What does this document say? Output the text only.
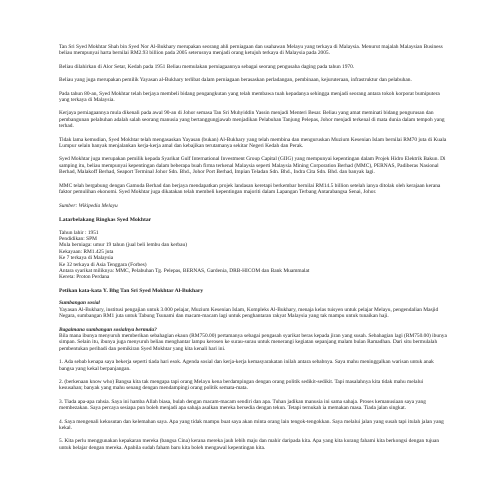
Tan Sri Syed Mokhtar Shah bin Syed Nor Al-Bukhary merupakan seorang ahli perniagaan dan usahawan Melayu yang terkaya di Malaysia. Menurut majalah Malaysian Business beliau mempunyai harta bernilai RM2.93 billion pada 2005 seterusnya menjadi orang ketujuh terkaya di Malaysia pada 2005.

Beliau dilahirkan di Alor Setar, Kedah pada 1951 Beliau memulakan perniagaannya sebagai seorang pengusaha daging pada tahun 1970.

Beliau yang juga merupakan pemilik Yayasan al-Bukhary terlibat dalam perniagaan berasaskan perladangan, pembinaan, kejuruteraan, infrastruktur dan pelabuhan.

Pada tahun 80-an, Syed Mokhtar telah berjaya membeli bidang pengangkutan yang telah membawa tuah kepadanya sehingga menjadi seorang antara tokoh korporat bumiputera yang terkaya di Malaysia.

Kerjaya perniagaannya mula dikenali pada awal 90-an di Johor semasa Tan Sri Muhyiddin Yassin menjadi Menteri Besar. Beliau yang amat meminati bidang pengurusan dan pembangunan pelabuhan adalah salah seorang manusia yang bertanggungjawab menjadikan Pelabuhan Tanjung Pelepas, Johor menjadi terkenal di mata dunia dalam tempoh yang terhad.

Tidak lama kemudian, Syed Mokhtar telah mengasaskan Yayasan (bukan) Al-Bukhary yang telah membina dan menguruskan Muzium Kesenian Islam bernilai RM70 juta di Kuala Lumpur selain banyak menjalankan kerja-kerja amal dan kebajikan terutamanya sekitar Negeri Kedah dan Perak.

Syed Mokhtar juga merupakan pemilik kepada Syarikat Gulf International Investment Group Capital (GIIG) yang mempunyai kepentingan dalam Projek Hidro Elektrik Bakun. Di samping itu, beliau mempunyai kepentingan dalam beberapa buah firma terkenal Malaysia seperti Malaysia Mining Corporation Berhad (MMC), PERNAS, Padiberas Nasional Berhad, Malakoff Berhad, Seaport Terminal Johor Sdn. Bhd., Johor Port Berhad, Impian Teladan Sdn. Bhd., Indra Cita Sdn. Bhd. dan banyak lagi.

MMC telah bergabung dengan Gamuda Berhad dan berjaya mendapatkan projek landasan keretapi berkembar bernilai RM14.5 billion setelah ianya ditolak oleh kerajaan kerana faktor pemulihan ekonomi. Syed Mokhtar juga dikatakan telah membeli kepentingan majoriti dalam Lapangan Terbang Antarabangsa Senai, Johor.

Sumber: Wikipedia Melayu

Latarbelakang Ringkas Syed Mokhtar

Tahun lahir : 1951

Pendidikan: SPM

Mula berniaga: umur 19 tahun (jual beli lembu dan kerbau)

Kekayaan: RM1.425 juta

Ke 7 terkaya di Malaysia

Ke 32 terkaya di Asia Tenggara (Forbes)

Antara syarikat miliknya: MMC, Pelabuhan Tg. Pelepas, BERNAS, Gardenia, DRB-HICOM dan Bank Muammalat

Kereta: Proton Perdana

Petikan kata-kata Y. Bhg Tan Sri Syed Mokhtar Al-Bukhary

Sumbangan sosial

Yayasan Al-Bukhary, institusi pengajian untuk 3.000 pelajar, Muzium Kesenian Islam, Kompleks Al-Bukhary, menaja kelas tuisyen untuk pelajar Melayu, pengendalian Masjid Negara, sumbangan RM1 juta untuk Tabung Tsunami dan macam-macam lagi untuk penghantaran rakyat Malaysia yang tak mampu untuk tunaikan haji.

Bagaimana sumbangan sosialnya bermula?

Bila mana ibunya menyuruh memberikan sebahagian ekaun (RM750.00) pertamanya sebagai pengasah syarikat beras kepada jiran yang susah. Sebahagian lagi (RM750.00) ibunya simpan. Selain itu, ibunya juga menyuruh beliau menghantar lampu kerosen ke surau-surau untuk menerangi kegiatan sepanjang malam bulan Ramadhan. Dari situ bermulalah pembentukan peribadi dan pemikiran Syed Mokhtar yang kita kenali hari ini.

1. Ada sebab kenapa saya bekerja seperti tiada hari esok. Agenda sosial dan kerja-kerja kemasyarakatan inilah antara sebabnya. Saya mahu meninggalkan warisan untuk anak bangsa yang kekal berpanjangan.

2. (berkenaan know who) Bangsa kita tak mengapa tapi orang Melayu kena berdampingan dengan orang politik sedikit-sedikit. Tapi masalahnya kita tidak mahu melalui kesusahan; banyak yang mahu senang dengan mendampingi orang politik semata-mata.

3. Tiada apa-apa rahsia. Saya ini hamba Allah biasa, bulah dengan macam-macam sendiri dan apa. Tuhan jadikan manusia ini sama sahaja. Proses kemanusiaan saya yang membezakan. Saya percaya sesiapa pun boleh menjadi apa sahaja asalkan mereka bersedia dengan tekun. Tetapi ternukah ia memakan masa. Tiada jalan singkat.

4. Saya mengenali kekusutan dan kelemahan saya. Apa yang tidak mampu buat saya akan minta orang lain tengok-tengokkan. Saya melalui jalan yang susah tapi itulah jalan yang kekal.

5. Kita perlu menggunakan kepakaran mereka (bangsa Cina) kerana mereka jauh lebih maju dan mahir daripada kita. Apa yang kita kurang fahami kita berkongsi dengan tujuan untuk belajar dengan mereka. Apabila sudah faham baru kita boleh mengawal kepentingan kita.
